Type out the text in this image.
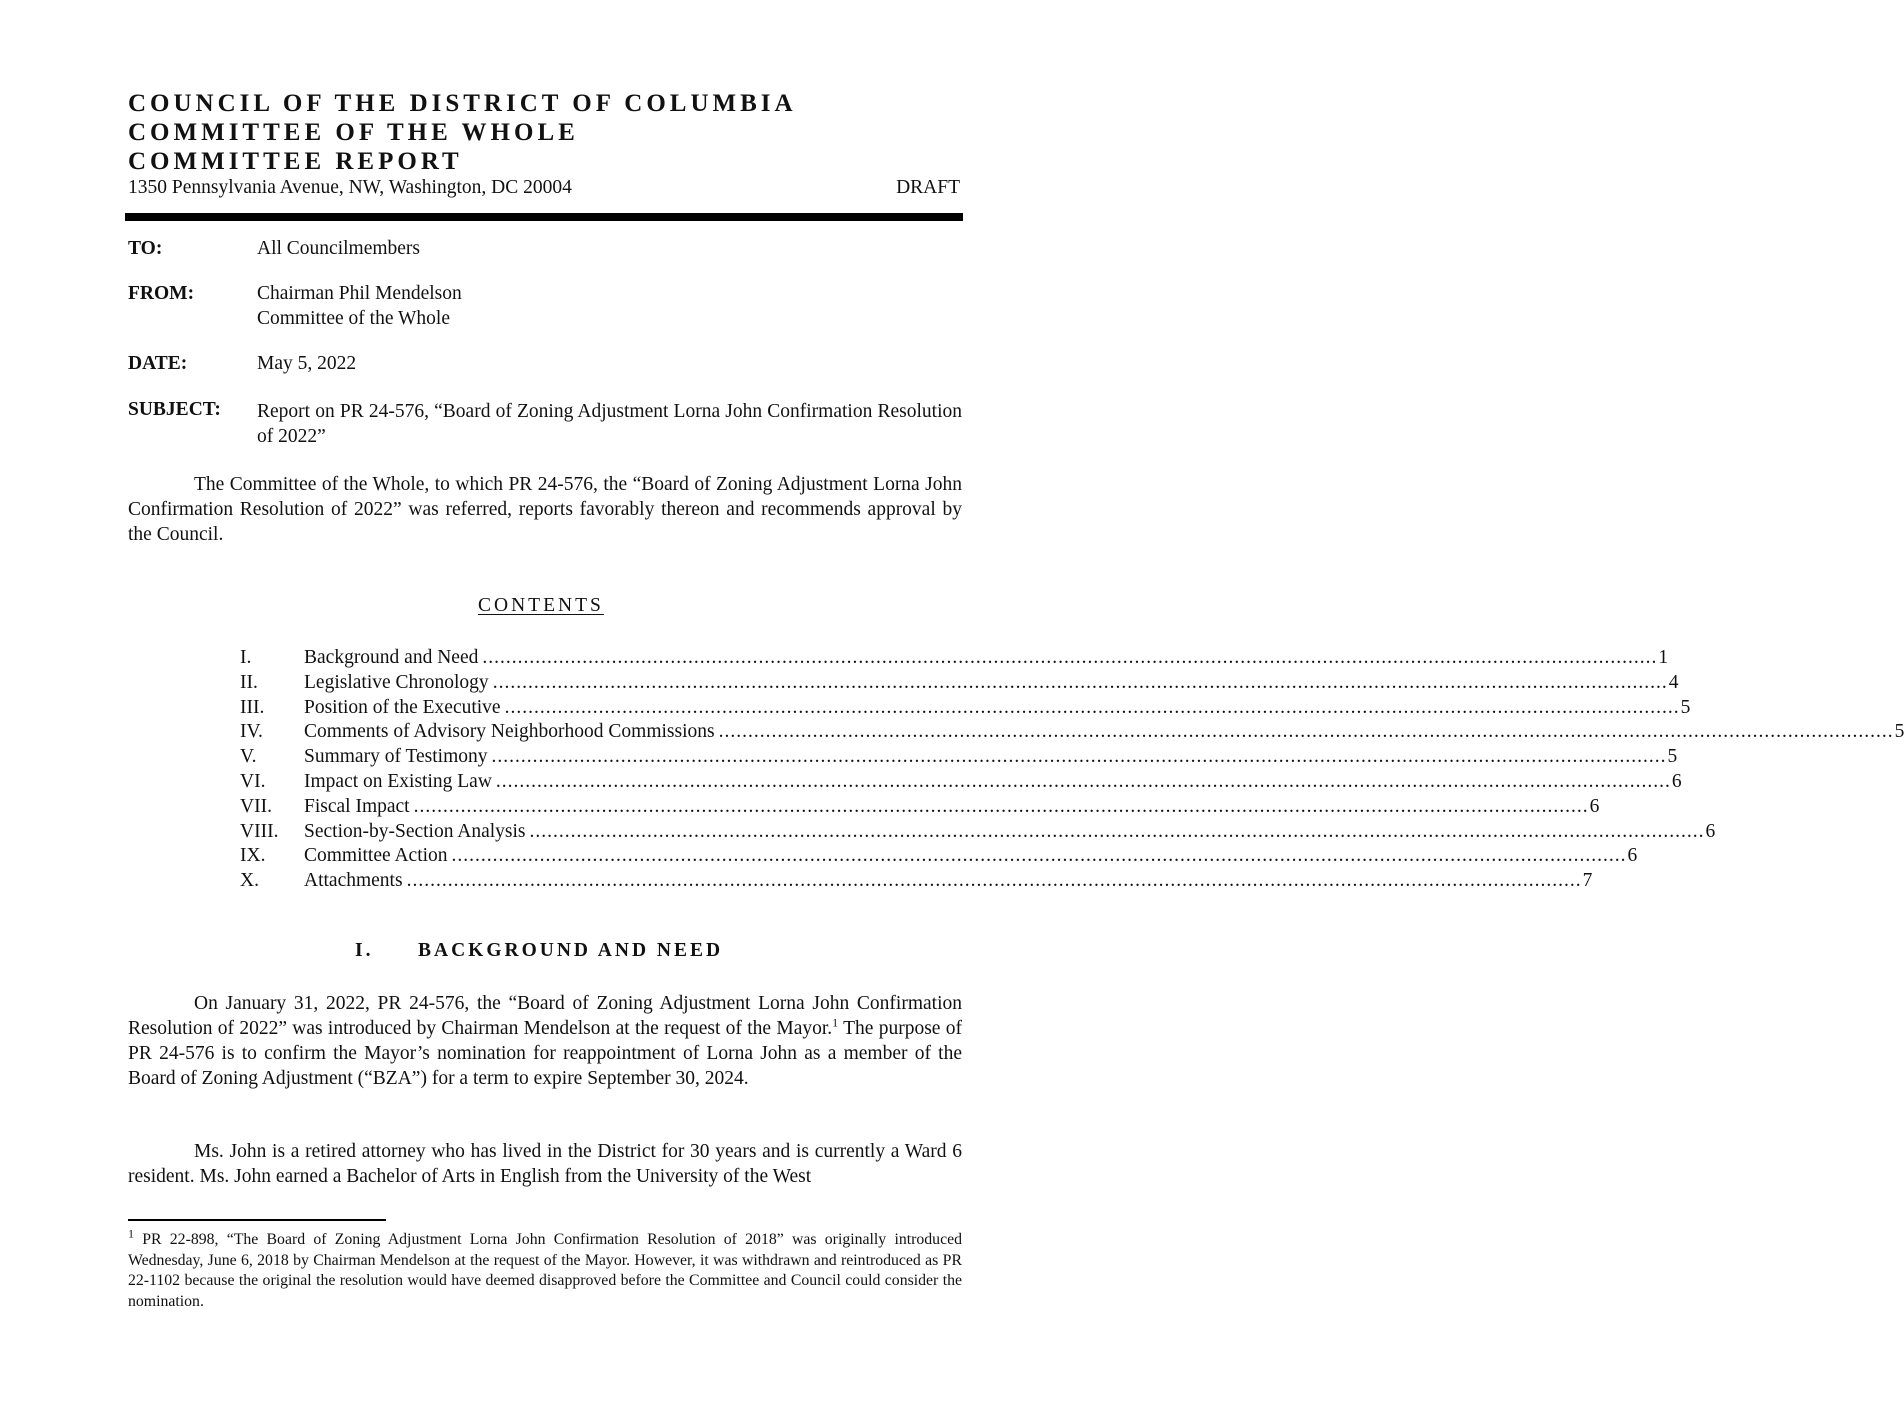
COUNCIL OF THE DISTRICT OF COLUMBIA
COMMITTEE OF THE WHOLE
COMMITTEE REPORT
1350 Pennsylvania Avenue, NW, Washington, DC 20004	DRAFT
TO:	All Councilmembers
FROM:	Chairman Phil Mendelson
Committee of the Whole
DATE:	May 5, 2022
SUBJECT: Report on PR 24-576, “Board of Zoning Adjustment Lorna John Confirmation Resolution of 2022”
The Committee of the Whole, to which PR 24-576, the “Board of Zoning Adjustment Lorna John Confirmation Resolution of 2022” was referred, reports favorably thereon and recommends approval by the Council.
CONTENTS
I.	Background and Need ........................................................................................................................................................................................................ 1
II. Legislative Chronology ........................................................................................................................................................................................................ 4
III. Position of the Executive ........................................................................................................................................................................................................ 5
IV. Comments of Advisory Neighborhood Commissions ........................................................................................................................................................................................................ 5
V. Summary of Testimony ........................................................................................................................................................................................................ 5
VI. Impact on Existing Law ........................................................................................................................................................................................................ 6
VII. Fiscal Impact ........................................................................................................................................................................................................ 6
VIII. Section-by-Section Analysis ........................................................................................................................................................................................................ 6
IX. Committee Action ........................................................................................................................................................................................................ 6
X. Attachments ........................................................................................................................................................................................................ 7
I. BACKGROUND AND NEED
On January 31, 2022, PR 24-576, the “Board of Zoning Adjustment Lorna John Confirmation Resolution of 2022” was introduced by Chairman Mendelson at the request of the Mayor.$^1$ The purpose of PR 24-576 is to confirm the Mayor’s nomination for reappointment of Lorna John as a member of the Board of Zoning Adjustment (“BZA”) for a term to expire September 30, 2024.
Ms. John is a retired attorney who has lived in the District for 30 years and is currently a Ward 6 resident. Ms. John earned a Bachelor of Arts in English from the University of the West
$^1$ PR 22-898, “The Board of Zoning Adjustment Lorna John Confirmation Resolution of 2018” was originally introduced Wednesday, June 6, 2018 by Chairman Mendelson at the request of the Mayor. However, it was withdrawn and reintroduced as PR 22-1102 because the original the resolution would have deemed disapproved before the Committee and Council could consider the nomination.
